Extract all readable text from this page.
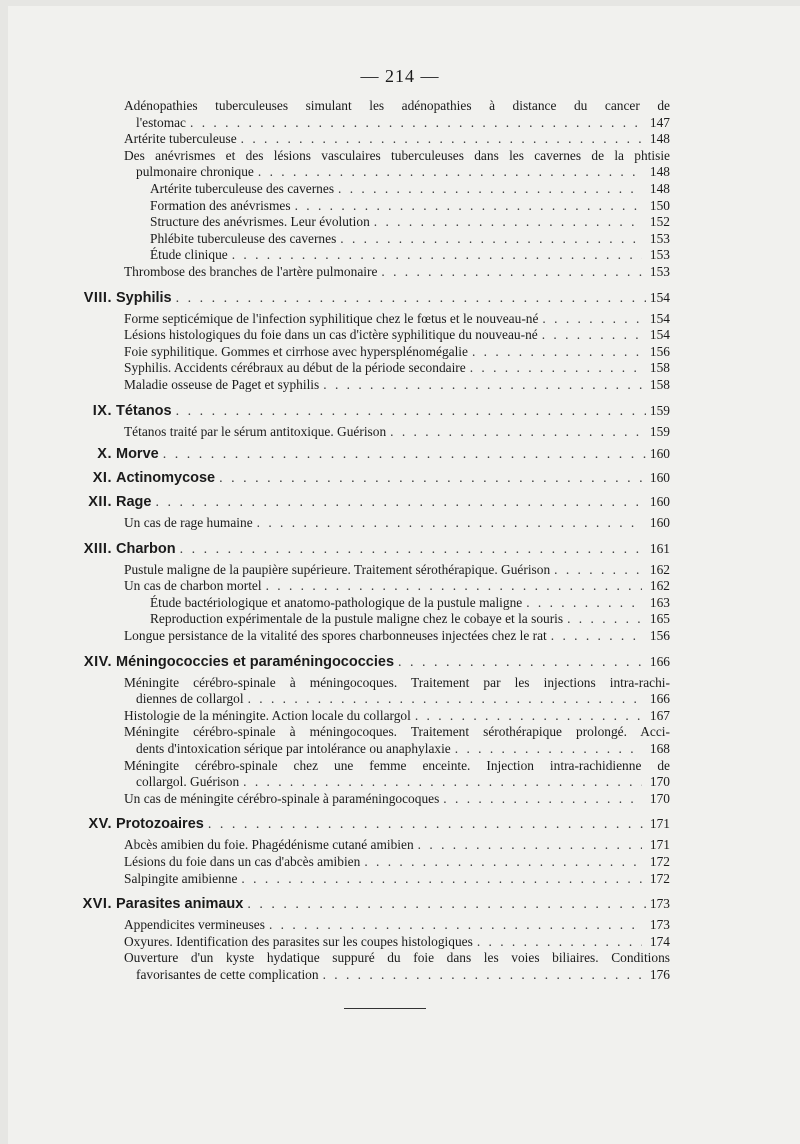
— 214 —
Adénopathies tuberculeuses simulant les adénopathies à distance du cancer de
l'estomac . . .	147
Artérite tuberculeuse . . .	148
Des anévrismes et des lésions vasculaires tuberculeuses dans les cavernes de la phtisie
pulmonaire chronique . . .	148
Artérite tuberculeuse des cavernes . . .	148
Formation des anévrismes . . .	150
Structure des anévrismes. Leur évolution . . .	152
Phlébite tuberculeuse des cavernes . . .	153
Étude clinique . . .	153
Thrombose des branches de l'artère pulmonaire . . .	153
VIII. Syphilis . . .	154
Forme septicémique de l'infection syphilitique chez le fœtus et le nouveau-né . . .	154
Lésions histologiques du foie dans un cas d'ictère syphilitique du nouveau-né . . .	154
Foie syphilitique. Gommes et cirrhose avec hypersplénomégalie . . .	156
Syphilis. Accidents cérébraux au début de la période secondaire . . .	158
Maladie osseuse de Paget et syphilis . . .	158
IX. Tétanos . . .	159
Tétanos traité par le sérum antitoxique. Guérison . . .	159
X. Morve . . .	160
XI. Actinomycose . . .	160
XII. Rage . . .	160
Un cas de rage humaine . . .	160
XIII. Charbon . . .	161
Pustule maligne de la paupière supérieure. Traitement sérothérapique. Guérison . . .	162
Un cas de charbon mortel . . .	162
Étude bactériologique et anatomo-pathologique de la pustule maligne . . .	163
Reproduction expérimentale de la pustule maligne chez le cobaye et la souris . . .	165
Longue persistance de la vitalité des spores charbonneuses injectées chez le rat . . .	156
XIV. Méningococcies et paraméningococcies . . .	166
Méningite cérébro-spinale à méningocoques. Traitement par les injections intra-rachi-
diennes de collargol . . .	166
Histologie de la méningite. Action locale du collargol . . .	167
Méningite cérébro-spinale à méningocoques. Traitement sérothérapique prolongé. Acci-
dents d'intoxication sérique par intolérance ou anaphylaxie . . .	168
Méningite cérébro-spinale chez une femme enceinte. Injection intra-rachidienne de
collargol. Guérison . . .	170
Un cas de méningite cérébro-spinale à paraméningocoques . . .	170
XV. Protozoaires . . .	171
Abcès amibien du foie. Phagédénisme cutané amibien . . .	171
Lésions du foie dans un cas d'abcès amibien . . .	172
Salpingite amibienne . . .	172
XVI. Parasites animaux . . .	173
Appendicites vermineuses . . .	173
Oxyures. Identification des parasites sur les coupes histologiques . . .	174
Ouverture d'un kyste hydatique suppuré du foie dans les voies biliaires. Conditions
favorisantes de cette complication . . .	176
